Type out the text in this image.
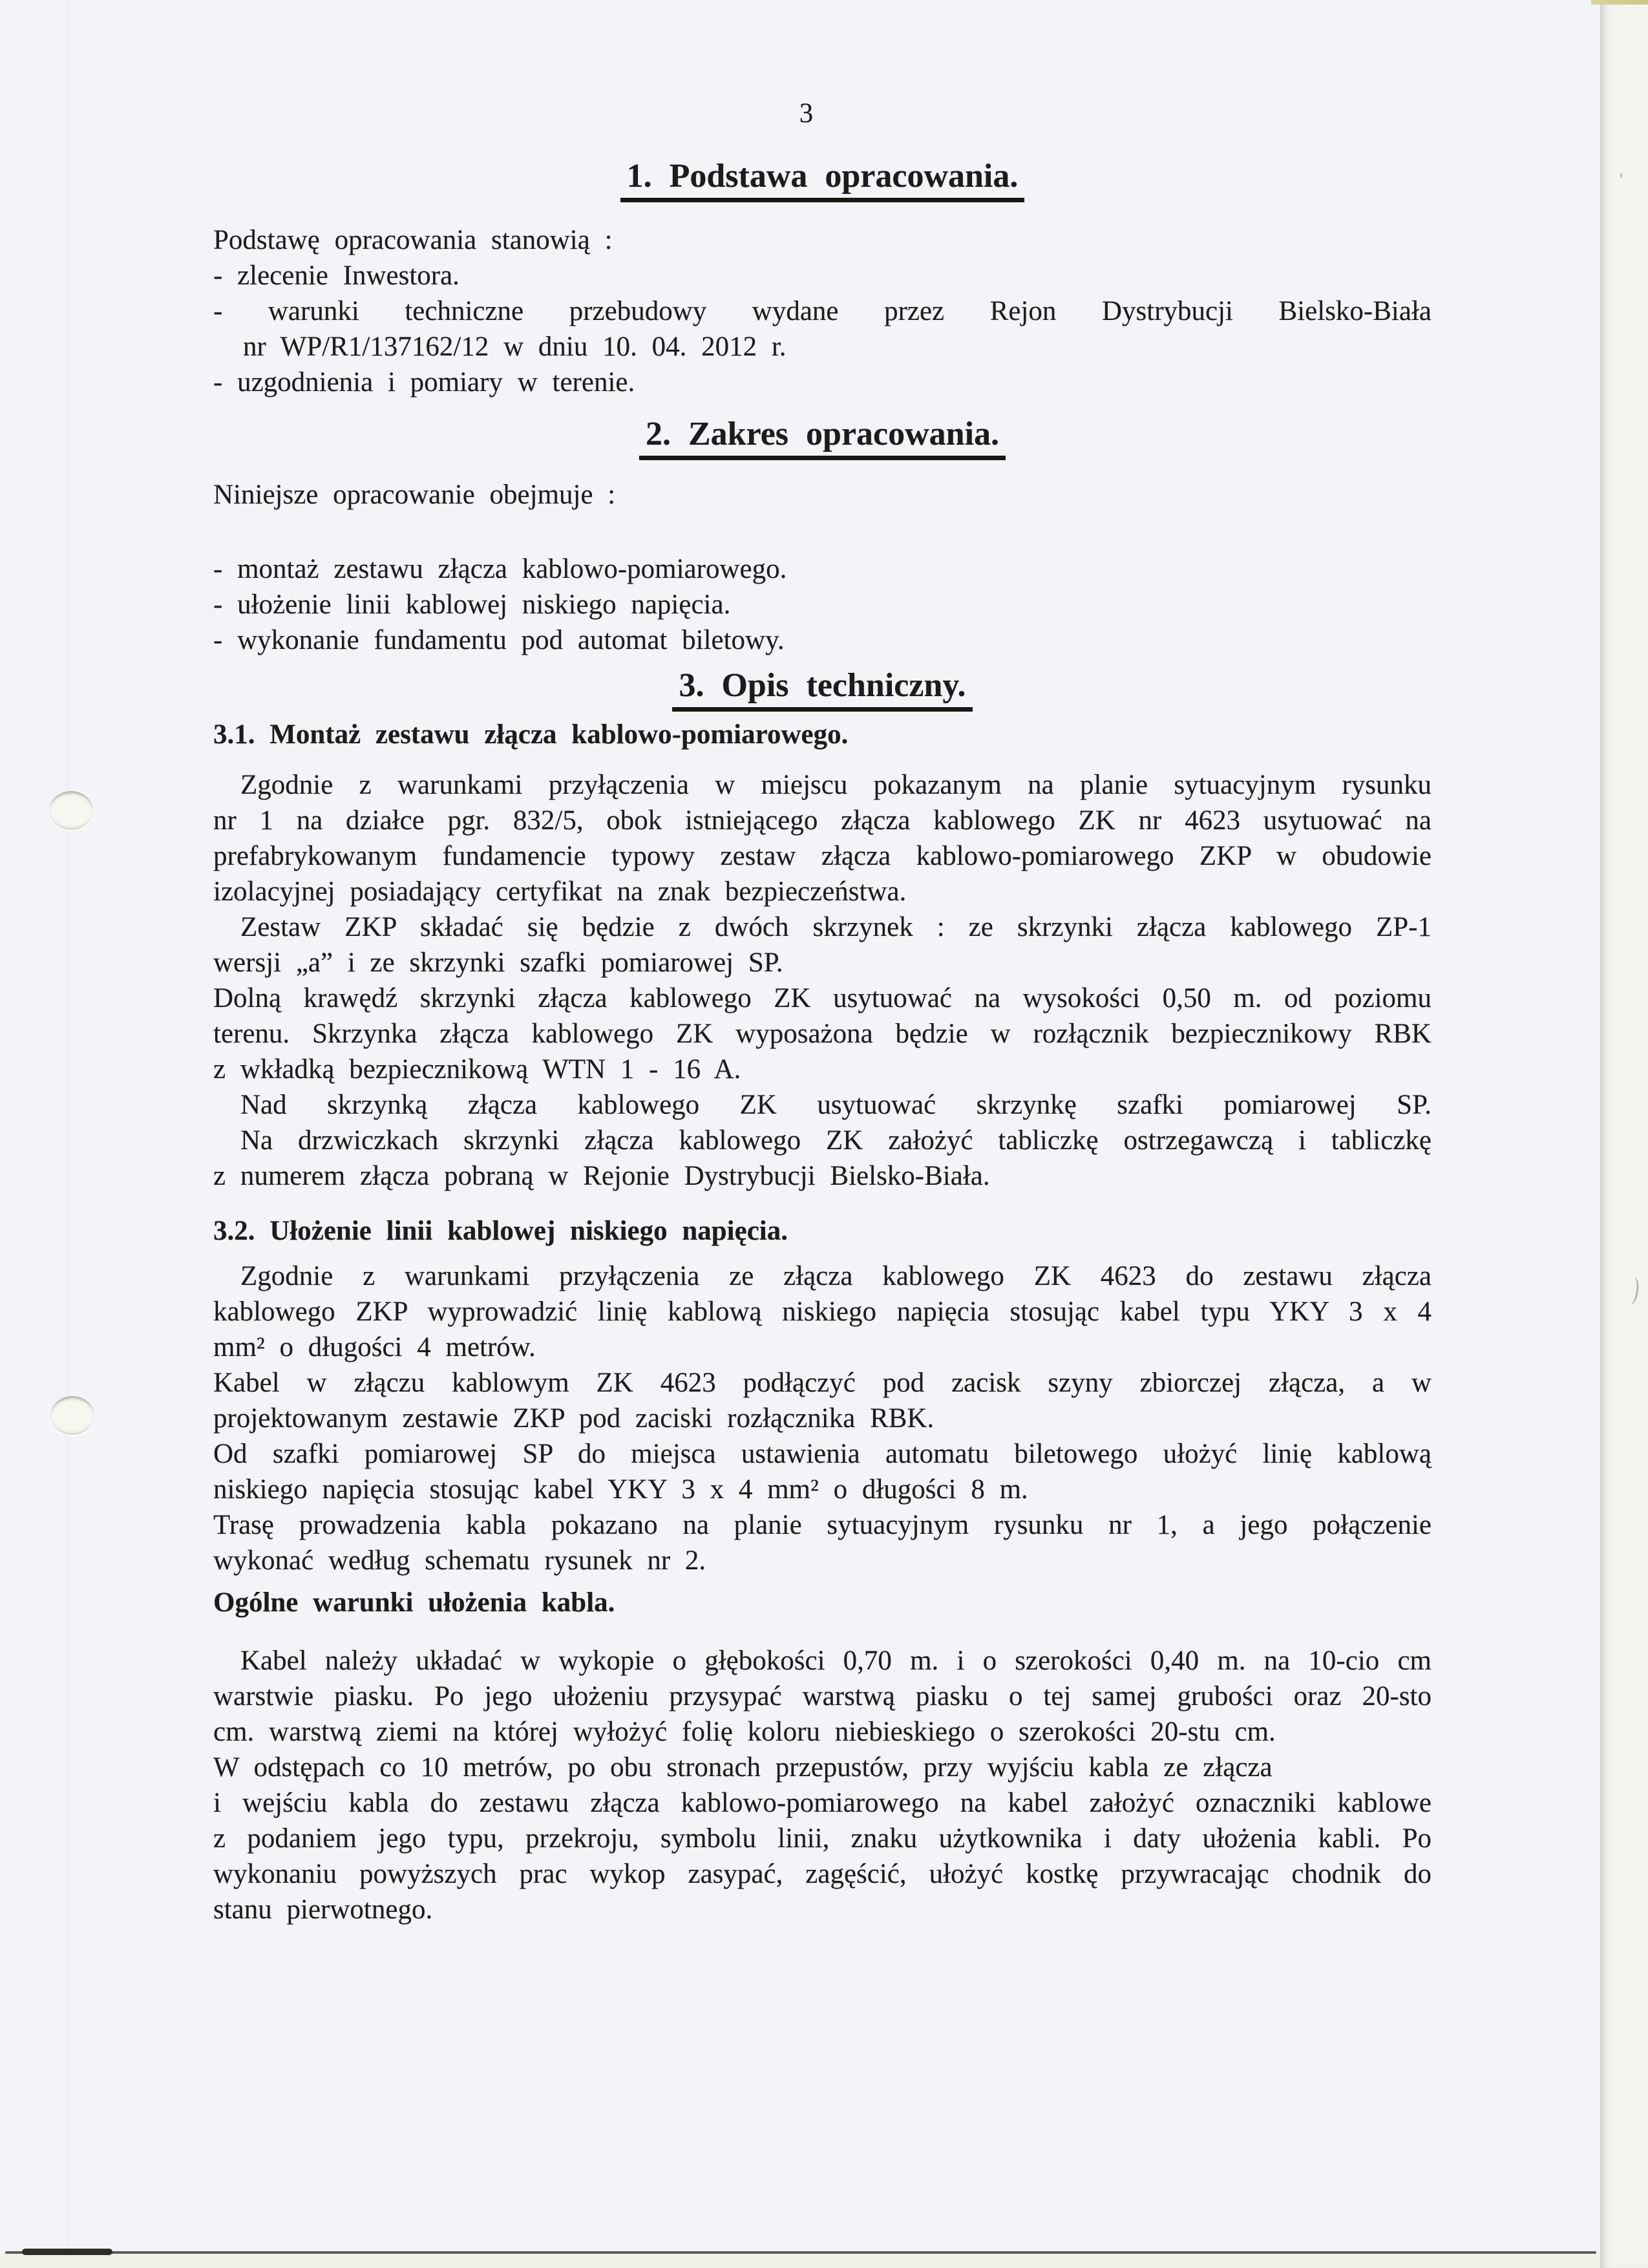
3
1. Podstawa opracowania.
Podstawę opracowania stanowią :
- zlecenie Inwestora.
- warunki techniczne przebudowy wydane przez Rejon Dystrybucji Bielsko-Biała
nr WP/R1/137162/12 w dniu 10. 04. 2012 r.
- uzgodnienia i pomiary w terenie.
2. Zakres opracowania.
Niniejsze opracowanie obejmuje :
- montaż zestawu złącza kablowo-pomiarowego.
- ułożenie linii kablowej niskiego napięcia.
- wykonanie fundamentu pod automat biletowy.
3. Opis techniczny.
3.1. Montaż zestawu złącza kablowo-pomiarowego.
Zgodnie z warunkami przyłączenia w miejscu pokazanym na planie sytuacyjnym rysunku
nr 1 na działce pgr. 832/5, obok istniejącego złącza kablowego ZK nr 4623 usytuować na
prefabrykowanym fundamencie typowy zestaw złącza kablowo-pomiarowego ZKP w obudowie
izolacyjnej posiadający certyfikat na znak bezpieczeństwa.
Zestaw ZKP składać się będzie z dwóch skrzynek : ze skrzynki złącza kablowego ZP-1
wersji „a” i ze skrzynki szafki pomiarowej SP.
Dolną krawędź skrzynki złącza kablowego ZK usytuować na wysokości 0,50 m. od poziomu
terenu. Skrzynka złącza kablowego ZK wyposażona będzie w rozłącznik bezpiecznikowy RBK
z wkładką bezpiecznikową WTN 1 - 16 A.
Nad skrzynką złącza kablowego ZK usytuować skrzynkę szafki pomiarowej SP.
Na drzwiczkach skrzynki złącza kablowego ZK założyć tabliczkę ostrzegawczą i tabliczkę
z numerem złącza pobraną w Rejonie Dystrybucji Bielsko-Biała.
3.2. Ułożenie linii kablowej niskiego napięcia.
Zgodnie z warunkami przyłączenia ze złącza kablowego ZK 4623 do zestawu złącza
kablowego ZKP wyprowadzić linię kablową niskiego napięcia stosując kabel typu YKY 3 x 4
mm² o długości 4 metrów.
Kabel w złączu kablowym ZK 4623 podłączyć pod zacisk szyny zbiorczej złącza, a w
projektowanym zestawie ZKP pod zaciski rozłącznika RBK.
Od szafki pomiarowej SP do miejsca ustawienia automatu biletowego ułożyć linię kablową
niskiego napięcia stosując kabel YKY 3 x 4 mm² o długości 8 m.
Trasę prowadzenia kabla pokazano na planie sytuacyjnym rysunku nr 1, a jego połączenie
wykonać według schematu rysunek nr 2.
Ogólne warunki ułożenia kabla.
Kabel należy układać w wykopie o głębokości 0,70 m. i o szerokości 0,40 m. na 10-cio cm
warstwie piasku. Po jego ułożeniu przysypać warstwą piasku o tej samej grubości oraz 20-sto
cm. warstwą ziemi na której wyłożyć folię koloru niebieskiego o szerokości 20-stu cm.
W odstępach co 10 metrów, po obu stronach przepustów, przy wyjściu kabla ze złącza
i wejściu kabla do zestawu złącza kablowo-pomiarowego na kabel założyć oznaczniki kablowe
z podaniem jego typu, przekroju, symbolu linii, znaku użytkownika i daty ułożenia kabli. Po
wykonaniu powyższych prac wykop zasypać, zagęścić, ułożyć kostkę przywracając chodnik do
stanu pierwotnego.
